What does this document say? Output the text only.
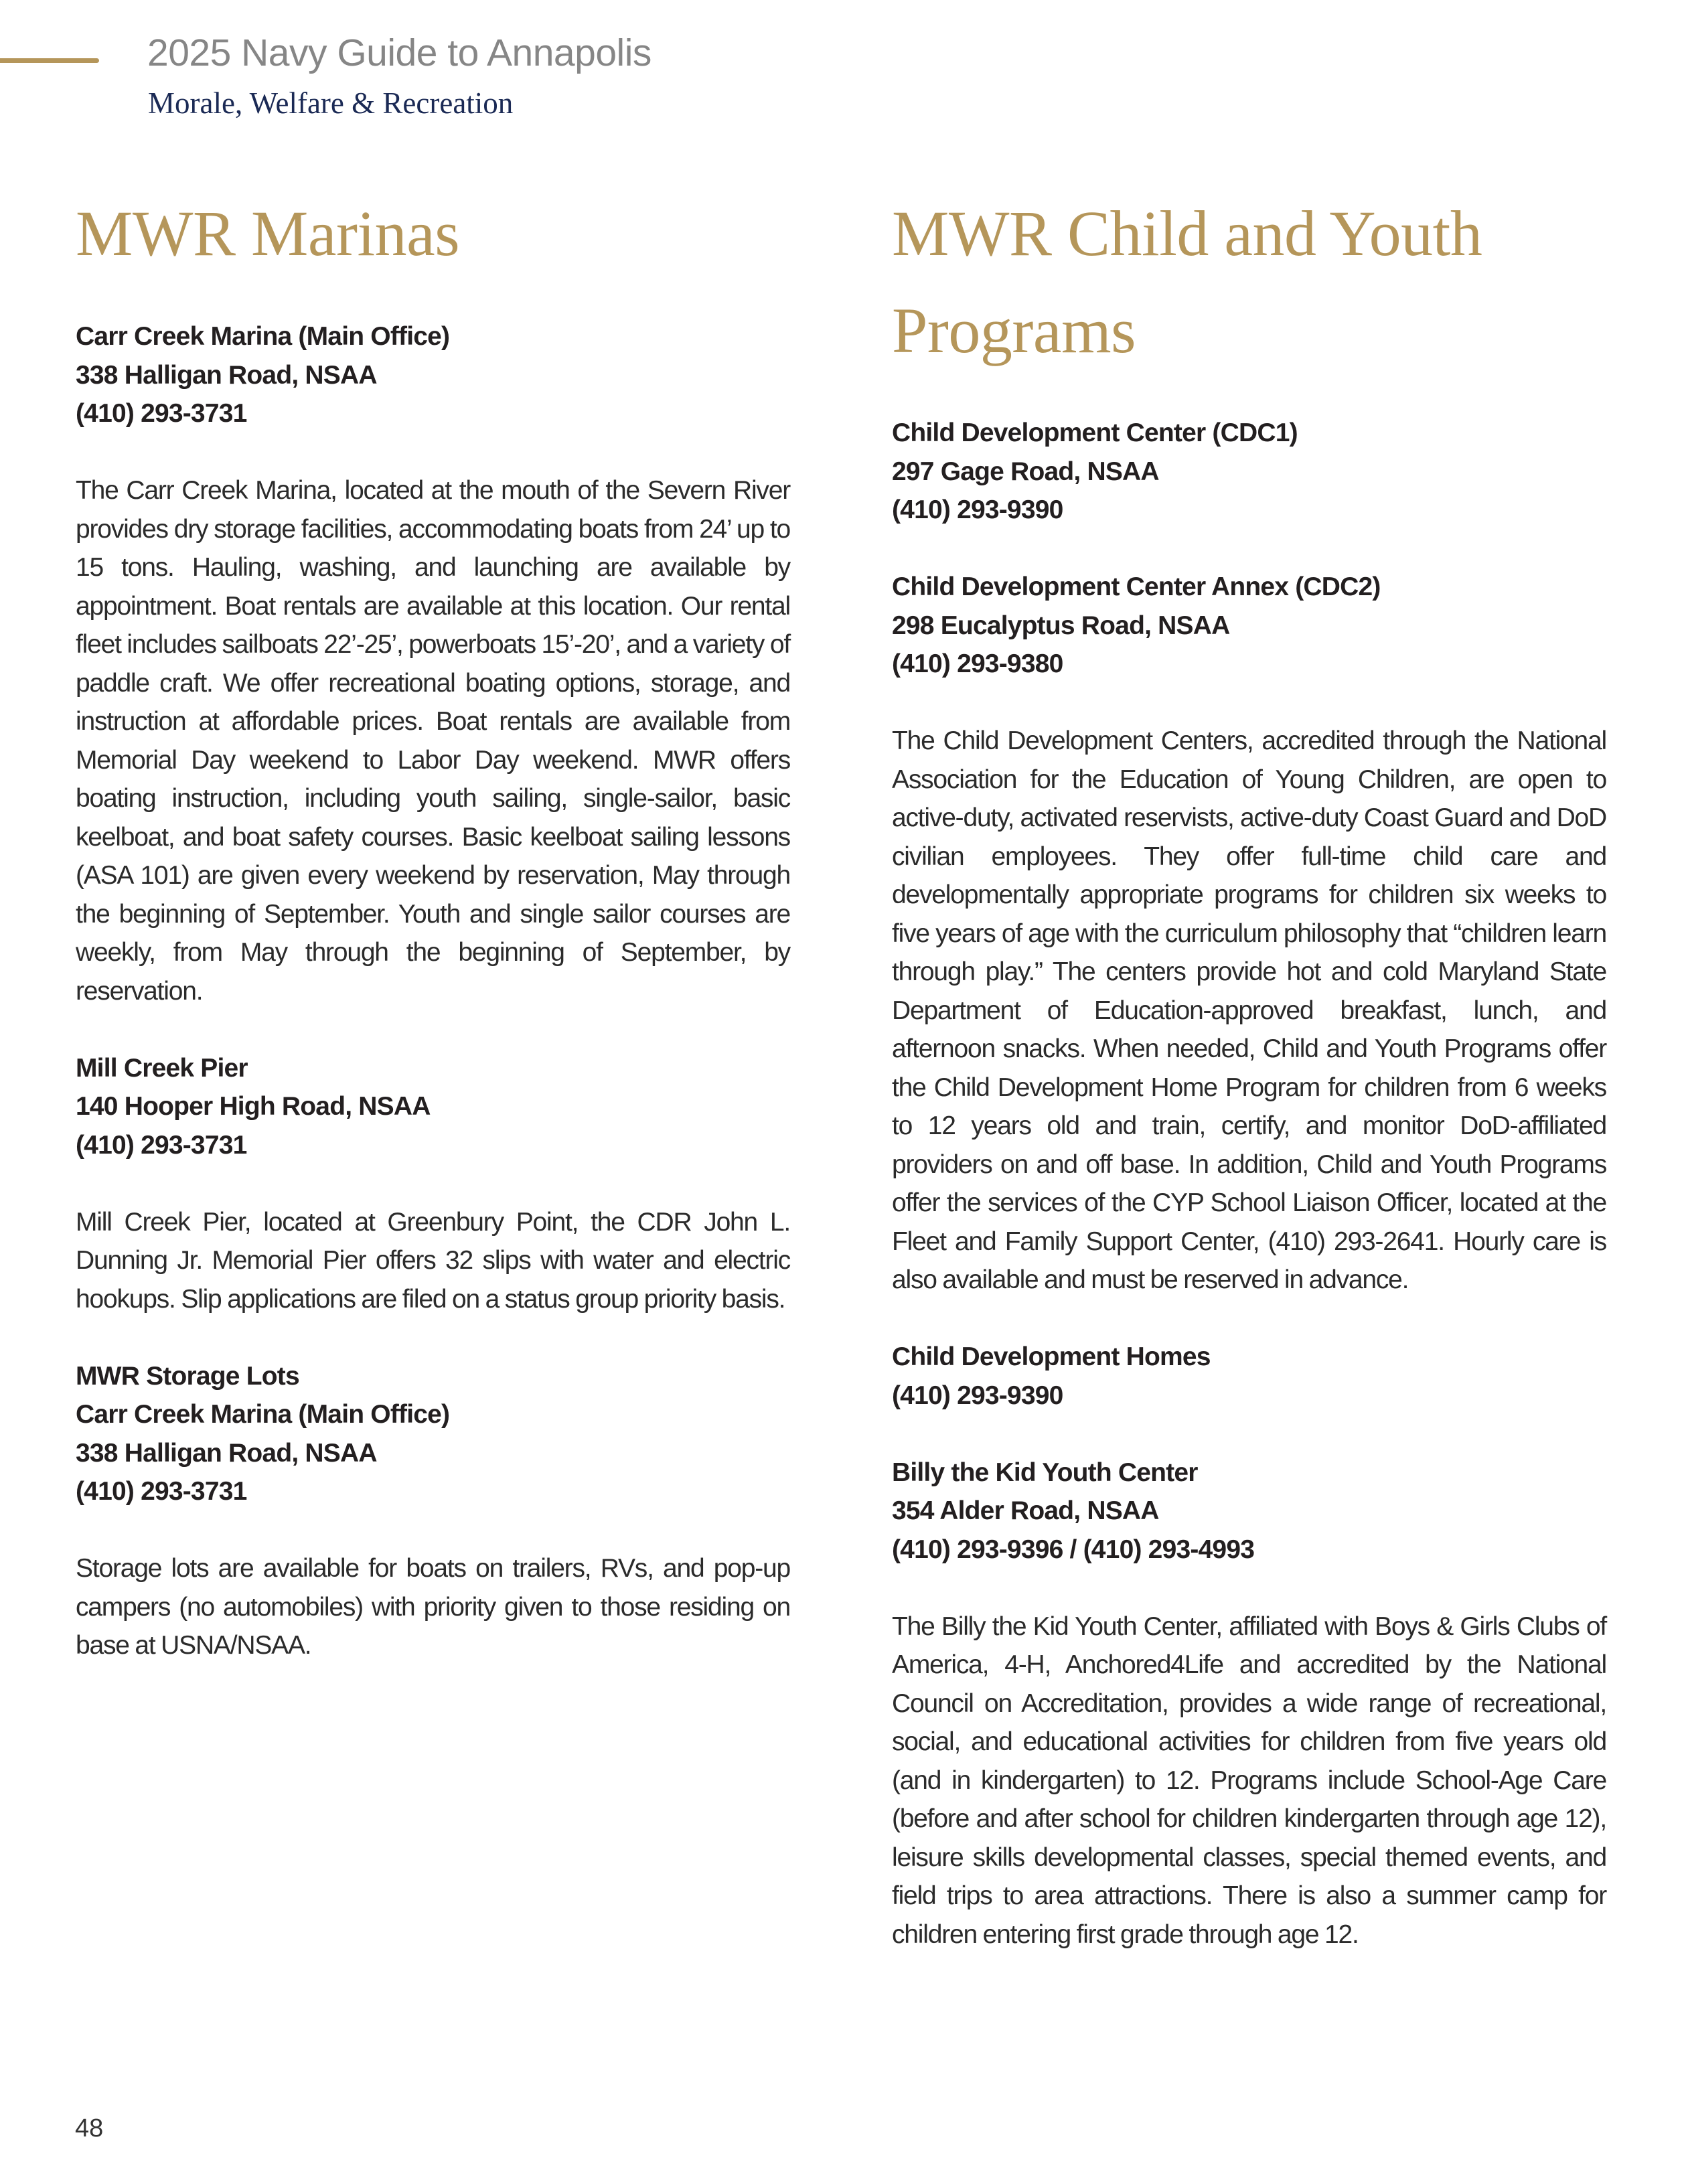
2025 Navy Guide to Annapolis
Morale, Welfare & Recreation
MWR Marinas
Carr Creek Marina (Main Office)
338 Halligan Road, NSAA
(410) 293-3731

The Carr Creek Marina, located at the mouth of the Severn River provides dry storage facilities, accommodating boats from 24’ up to 15 tons. Hauling, washing, and launching are available by appointment. Boat rentals are available at this location. Our rental fleet includes sailboats 22’-25’, powerboats 15’-20’, and a variety of paddle craft. We offer recreational boating options, storage, and instruction at affordable prices. Boat rentals are available from Memorial Day weekend to Labor Day weekend. MWR offers boating instruction, including youth sailing, single-sailor, basic keelboat, and boat safety courses. Basic keelboat sailing lessons (ASA 101) are given every weekend by reservation, May through the beginning of September. Youth and single sailor courses are weekly, from May through the beginning of September, by reservation.

Mill Creek Pier
140 Hooper High Road, NSAA
(410) 293-3731

Mill Creek Pier, located at Greenbury Point, the CDR John L. Dunning Jr. Memorial Pier offers 32 slips with water and electric hookups. Slip applications are filed on a status group priority basis.

MWR Storage Lots
Carr Creek Marina (Main Office)
338 Halligan Road, NSAA
(410) 293-3731

Storage lots are available for boats on trailers, RVs, and pop-up campers (no automobiles) with priority given to those residing on base at USNA/NSAA.

MWR Child and Youth
Programs
Child Development Center (CDC1)
297 Gage Road, NSAA
(410) 293-9390
Child Development Center Annex (CDC2)
298 Eucalyptus Road, NSAA
(410) 293-9380

The Child Development Centers, accredited through the National Association for the Education of Young Children, are open to active-duty, activated reservists, active-duty Coast Guard and DoD civilian employees. They offer full-time child care and developmentally appropriate programs for children six weeks to five years of age with the curriculum philosophy that “children learn through play.” The centers provide hot and cold Maryland State Department of Education-approved breakfast, lunch, and afternoon snacks. When needed, Child and Youth Programs offer the Child Development Home Program for children from 6 weeks to 12 years old and train, certify, and monitor DoD-affiliated providers on and off base. In addition, Child and Youth Programs offer the services of the CYP School Liaison Officer, located at the Fleet and Family Support Center, (410) 293-2641. Hourly care is also available and must be reserved in advance.

Child Development Homes
(410) 293-9390
Billy the Kid Youth Center
354 Alder Road, NSAA
(410) 293-9396 / (410) 293-4993

The Billy the Kid Youth Center, affiliated with Boys & Girls Clubs of America, 4-H, Anchored4Life and accredited by the National Council on Accreditation, provides a wide range of recreational, social, and educational activities for children from five years old (and in kindergarten) to 12. Programs include School-Age Care (before and after school for children kindergarten through age 12), leisure skills developmental classes, special themed events, and field trips to area attractions. There is also a summer camp for children entering first grade through age 12.

48
